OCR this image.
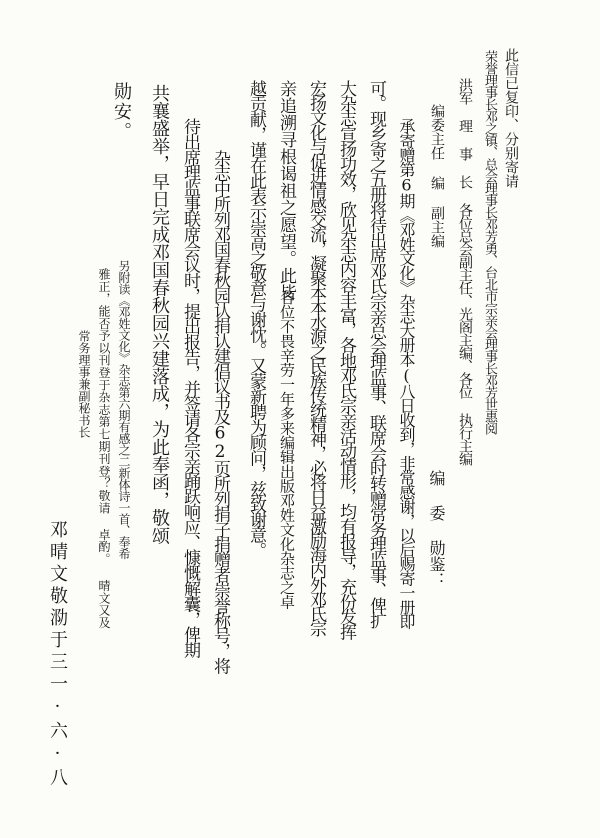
此信已复印、分别寄请
荣誉理事长邓之镇、总会理事长邓芳勇、台北市宗亲会理事长邓芳世惠阅
洪军 理 事 长 各位总会副主任、光阁主编、各位 执行主编
编委主任 编 副主编
编 委 勋鉴：
承寄赠第6期《邓姓文化》杂志大册本(八日收到，非常感谢，以后赐寄一册即
可。现乡寄之五册将待出席邓氏宗亲总会理监事、联席会时转赠常务理监事、俾扩
大杂志宣扬功效，欣见杂志内容丰富，各地邓氏宗亲活动情形，均有报导，充份发挥
宏扬文化与促进情感交流，凝聚本本水源之民族传统精神，必将日益激励海内外邓氏宗
亲追溯寻根谒祖之愿望。此皆
各位不畏辛劳一年多来编辑出版邓姓文化杂志之卓
越贡献，谨在此表示崇高之敬意与谢忱。又蒙新聘为顾问，兹致谢意。
杂志中所列邓国春秋园认捐认建倡议书及62页所列捐子捐赠者崇誉称号，将
待出席理监事联席会议时，提出报告，并签请各宗亲踊跃响应、慷慨解囊，俾期
共襄盛举，早日完成邓国春秋园兴建落成，为此奉函，敬颂
勋安。
另附读《邓姓文化》杂志第六期有感之二新体诗一首、奉希
雅正，能否予以刊登于杂志第七期刊登？敬请 卓酌。 晴文又及
常务理事兼副秘书长
邓晴文敬泐于三一·六·八
